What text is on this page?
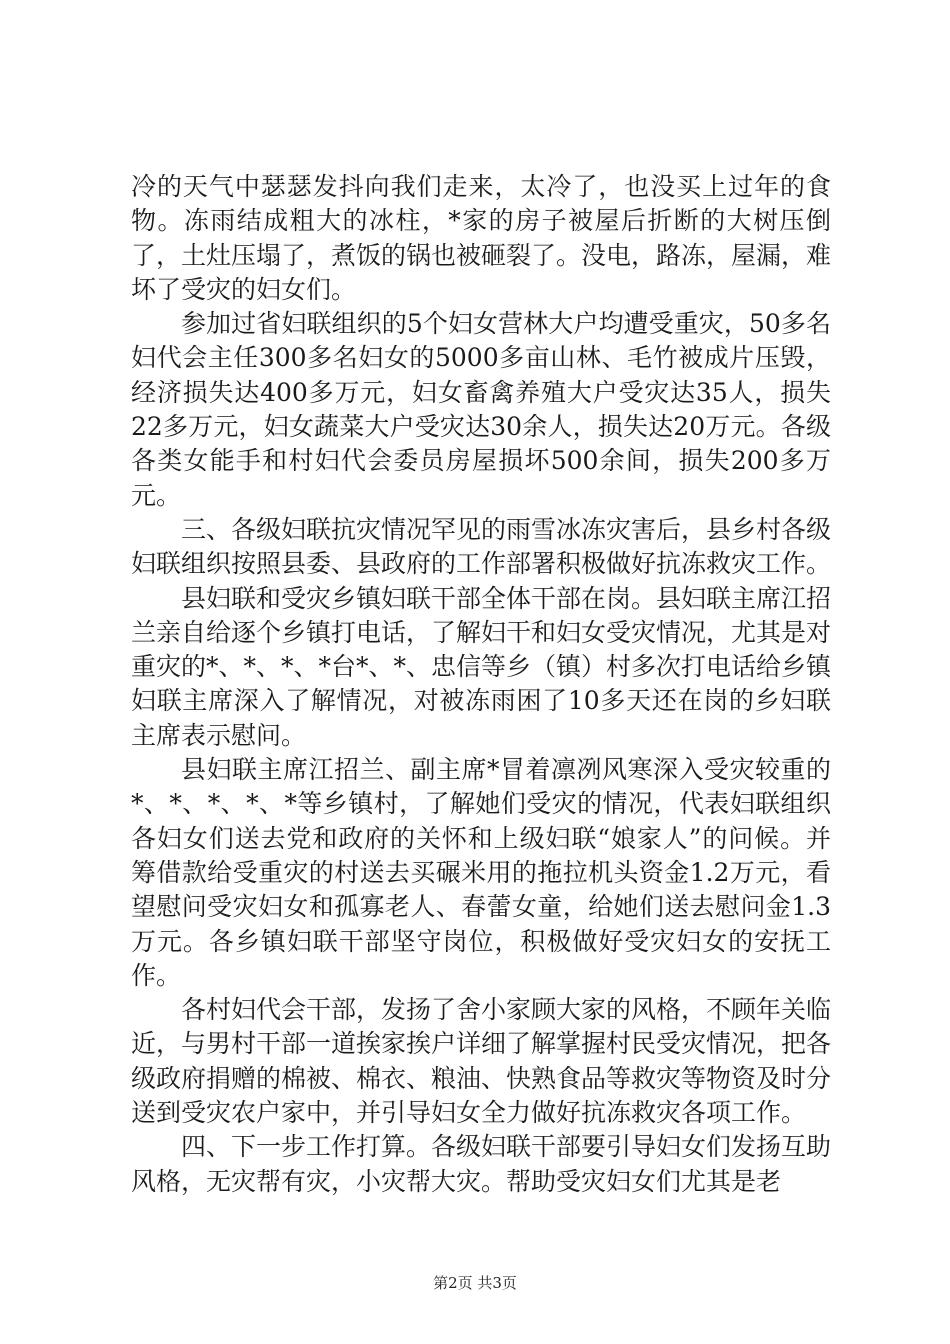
冷的天气中瑟瑟发抖向我们走来，太冷了，也没买上过年的食物。冻雨结成粗大的冰柱，*家的房子被屋后折断的大树压倒了，土灶压塌了，煮饭的锅也被砸裂了。没电，路冻，屋漏，难坏了受灾的妇女们。

参加过省妇联组织的5个妇女营林大户均遭受重灾，50多名妇代会主任300多名妇女的5000多亩山林、毛竹被成片压毁，经济损失达400多万元，妇女畜禽养殖大户受灾达35人，损失22多万元，妇女蔬菜大户受灾达30余人，损失达20万元。各级各类女能手和村妇代会委员房屋损坏500余间，损失200多万元。

三、各级妇联抗灾情况罕见的雨雪冰冻灾害后，县乡村各级妇联组织按照县委、县政府的工作部署积极做好抗冻救灾工作。

县妇联和受灾乡镇妇联干部全体干部在岗。县妇联主席江招兰亲自给逐个乡镇打电话，了解妇干和妇女受灾情况，尤其是对重灾的*、*、*、*台*、*、忠信等乡（镇）村多次打电话给乡镇妇联主席深入了解情况，对被冻雨困了10多天还在岗的乡妇联主席表示慰问。

县妇联主席江招兰、副主席*冒着凛冽风寒深入受灾较重的*、*、*、*、*等乡镇村，了解她们受灾的情况，代表妇联组织各妇女们送去党和政府的关怀和上级妇联“娘家人”的问候。并筹借款给受重灾的村送去买碾米用的拖拉机头资金1.2万元，看望慰问受灾妇女和孤寡老人、春蕾女童，给她们送去慰问金1.3万元。各乡镇妇联干部坚守岗位，积极做好受灾妇女的安抚工作。

各村妇代会干部，发扬了舍小家顾大家的风格，不顾年关临近，与男村干部一道挨家挨户详细了解掌握村民受灾情况，把各级政府捐赠的棉被、棉衣、粮油、快熟食品等救灾等物资及时分送到受灾农户家中，并引导妇女全力做好抗冻救灾各项工作。

四、下一步工作打算。各级妇联干部要引导妇女们发扬互助风格，无灾帮有灾，小灾帮大灾。帮助受灾妇女们尤其是老

第2页 共3页
